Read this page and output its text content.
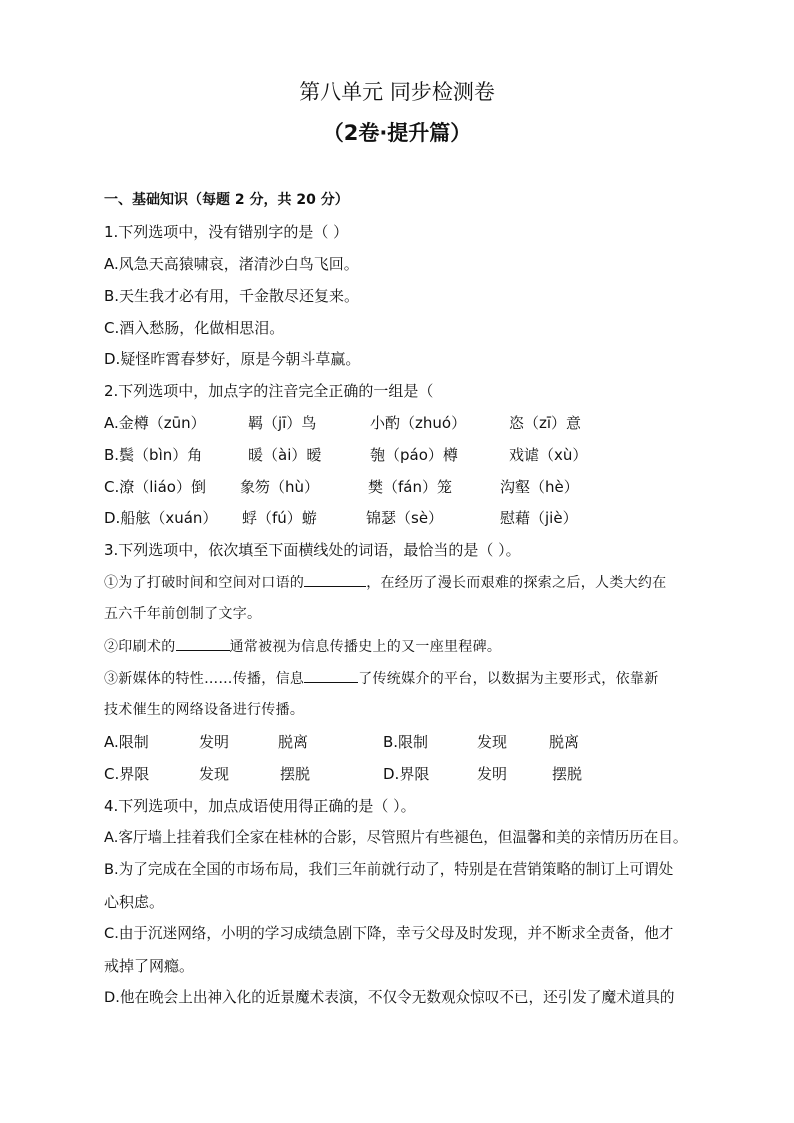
第八单元 同步检测卷
（2卷·提升篇）
一、基础知识（每题 2 分，共 20 分）
1.下列选项中，没有错别字的是（ ）
A.风急天高猿啸哀，渚清沙白鸟飞回。
B.天生我才必有用，千金散尽还复来。
C.酒入愁肠，化做相思泪。
D.疑怪昨霄春梦好，原是今朝斗草赢。
2.下列选项中，加点字的注音完全正确的一组是（
A.金樽（zūn）	羁（jī）鸟	小酌（zhuó）	恣（zī）意
B.鬓（bìn）角	暖（ài）暧	匏（páo）樽	戏谑（xù）
C.潦（liáo）倒 象笏（hù）	樊（fán）笼	沟壑（hè）
D.船舷（xuán） 蜉（fú）蝣	锦瑟（sè）	慰藉（jiè）
3.下列选项中，依次填至下面横线处的词语，最恰当的是（ ）。
①为了打破时间和空间对口语的	，在经历了漫长而艰难的探索之后，人类大约在
五六千年前创制了文字。
②印刷术的	通常被视为信息传播史上的又一座里程碑。
③新媒体的特性……传播，信息	了传统媒介的平台，以数据为主要形式，依靠新
技术催生的网络设备进行传播。
A.限制	发明	脱离	B.限制	发现	脱离
C.界限	发现	摆脱	D.界限	发明	摆脱
4.下列选项中，加点成语使用得正确的是（ ）。
A.客厅墙上挂着我们全家在桂林的合影，尽管照片有些褪色，但温馨和美的亲情历历在目。
B.为了完成在全国的市场布局，我们三年前就行动了，特别是在营销策略的制订上可谓处
心积虑。
C.由于沉迷网络，小明的学习成绩急剧下降，幸亏父母及时发现，并不断求全责备，他才
戒掉了网瘾。
D.他在晚会上出神入化的近景魔术表演，不仅令无数观众惊叹不已，还引发了魔术道具的
